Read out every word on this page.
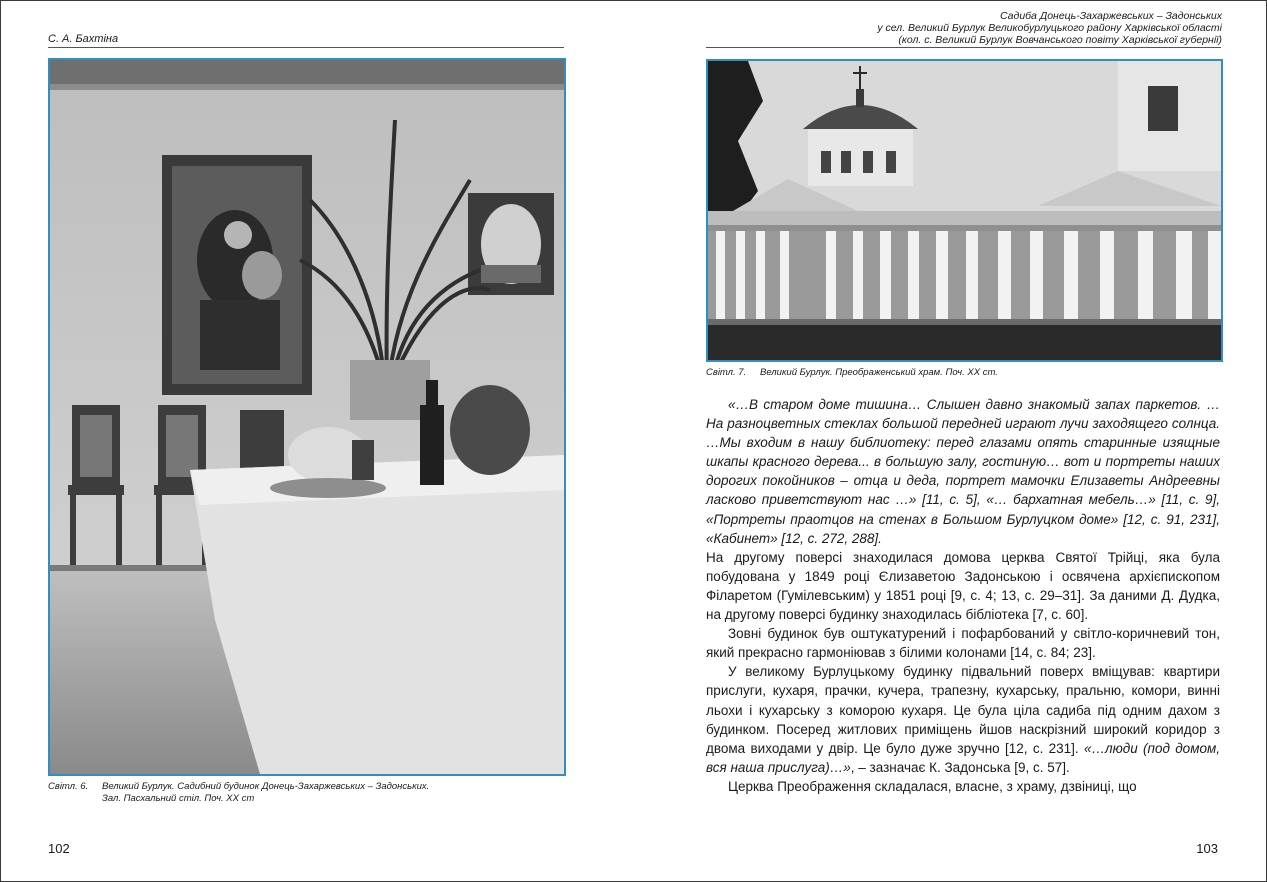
С. А. Бахтіна
Світл. 6. Великий Бурлук. Садибний будинок Донець-Захаржевських – Задонських.
Зал. Пасхальний стіл. Поч. XX ст
102
Садиба Донець-Захаржевських – Задонських
у сел. Великий Бурлук Великобурлуцького району Харківської області
(кол. с. Великий Бурлук Вовчанського повіту Харківської губернії)
Світл. 7. Великий Бурлук. Преображенський храм. Поч. XX ст.

«…В старом доме тишина… Слышен давно знакомый запах паркетов. …На разноцветных стеклах большой передней играют лучи заходящего солнца. …Мы входим в нашу библиотеку: перед глазами опять старинные изящные шкапы красного дерева... в большую залу, гостиную… вот и портреты наших дорогих покойников – отца и деда, портрет мамочки Елизаветы Андреевны ласково приветствуют нас …» [11, с. 5], «… бархатная мебель…» [11, с. 9], «Портреты праотцов на стенах в Большом Бурлуцком доме» [12, с. 91, 231], «Кабинет» [12, с. 272, 288].

На другому поверсі знаходилася домова церква Святої Трійці, яка була побудована у 1849 році Єлизаветою Задонською і освячена архієпископом Філаретом (Гумілевським) у 1851 році [9, с. 4; 13, с. 29–31]. За даними Д. Дудка, на другому поверсі будинку знаходилась бібліотека [7, с. 60].

Зовні будинок був оштукатурений і пофарбований у світло-коричневий тон, який прекрасно гармоніював з білими колонами [14, с. 84; 23].

У великому Бурлуцькому будинку підвальний поверх вміщував: квартири прислуги, кухаря, прачки, кучера, трапезну, кухарську, пральню, комори, винні льохи і кухарську з коморою кухаря. Це була ціла садиба під одним дахом з будинком. Посеред житлових приміщень йшов наскрізний широкий коридор з двома виходами у двір. Це було дуже зручно [12, с. 231]. «…люди (под домом, вся наша прислуга)…», – зазначає К. Задонська [9, с. 57].

Церква Преображення складалася, власне, з храму, дзвіниці, що

103
